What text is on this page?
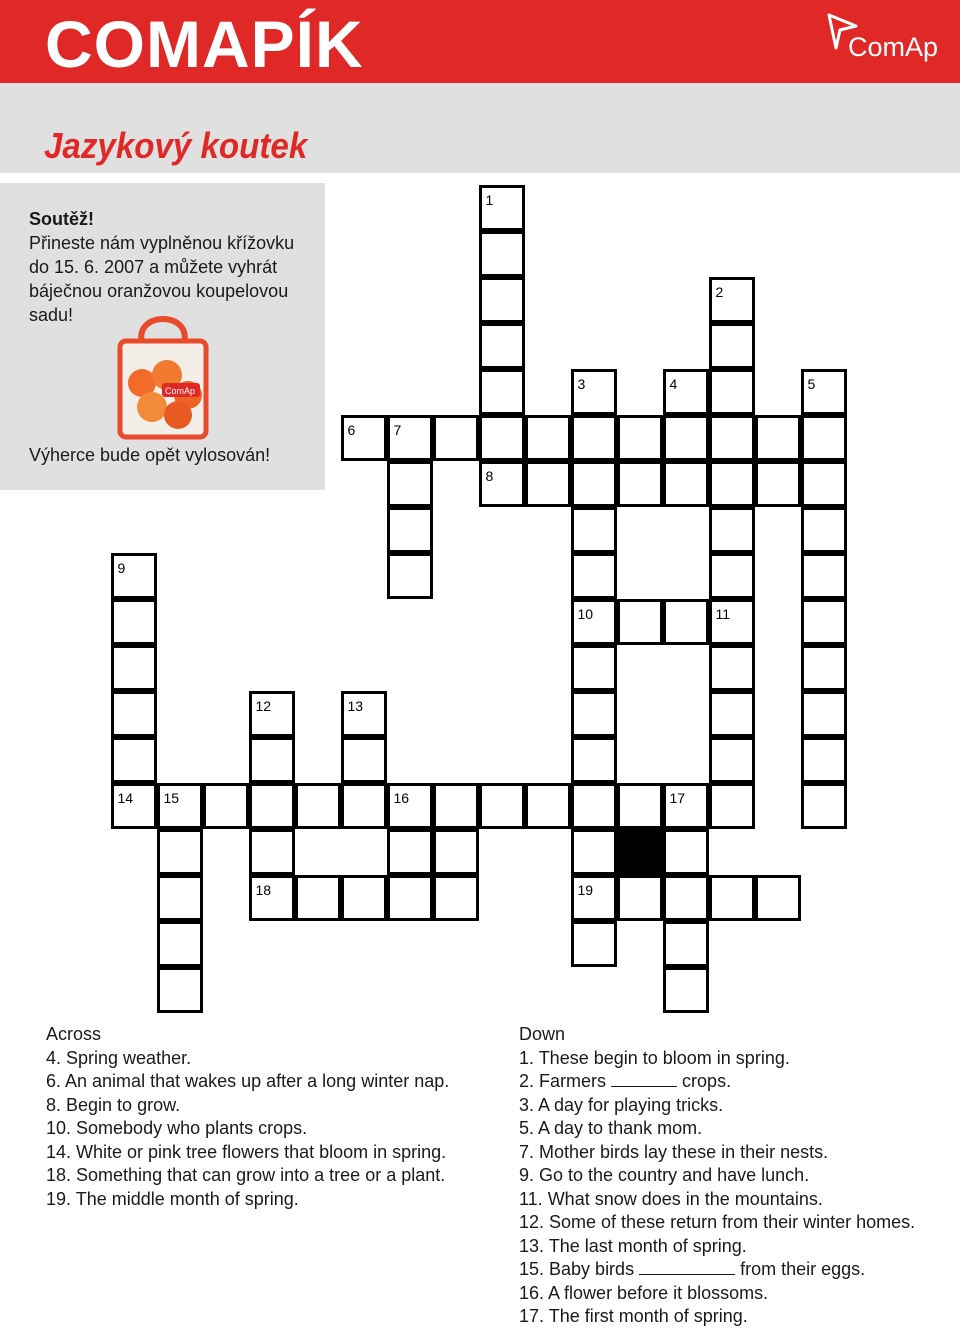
COMAPÍK	ComAp
Jazykový koutek
Soutěž!
Přineste nám vyplněnou křížovku
do 15. 6. 2007 a můžete vyhrát
báječnou oranžovou koupelovou
sadu!
ComAp
Výherce bude opět vylosován!
1
2
11
3	4	5
6	7
8
9
14
10
19
12
18
13
15	16	17
Across
4. Spring weather.
6. An animal that wakes up after a long winter nap.
8. Begin to grow.
10. Somebody who plants crops.
14. White or pink tree flowers that bloom in spring.
18. Something that can grow into a tree or a plant.
19. The middle month of spring.
Down
1. These begin to bloom in spring.
2. Farmers	crops.
3. A day for playing tricks.
5. A day to thank mom.
7. Mother birds lay these in their nests.
9. Go to the country and have lunch.
11. What snow does in the mountains.
12. Some of these return from their winter homes.
13. The last month of spring.
15. Baby birds	from their eggs.
16. A flower before it blossoms.
17. The first month of spring.
